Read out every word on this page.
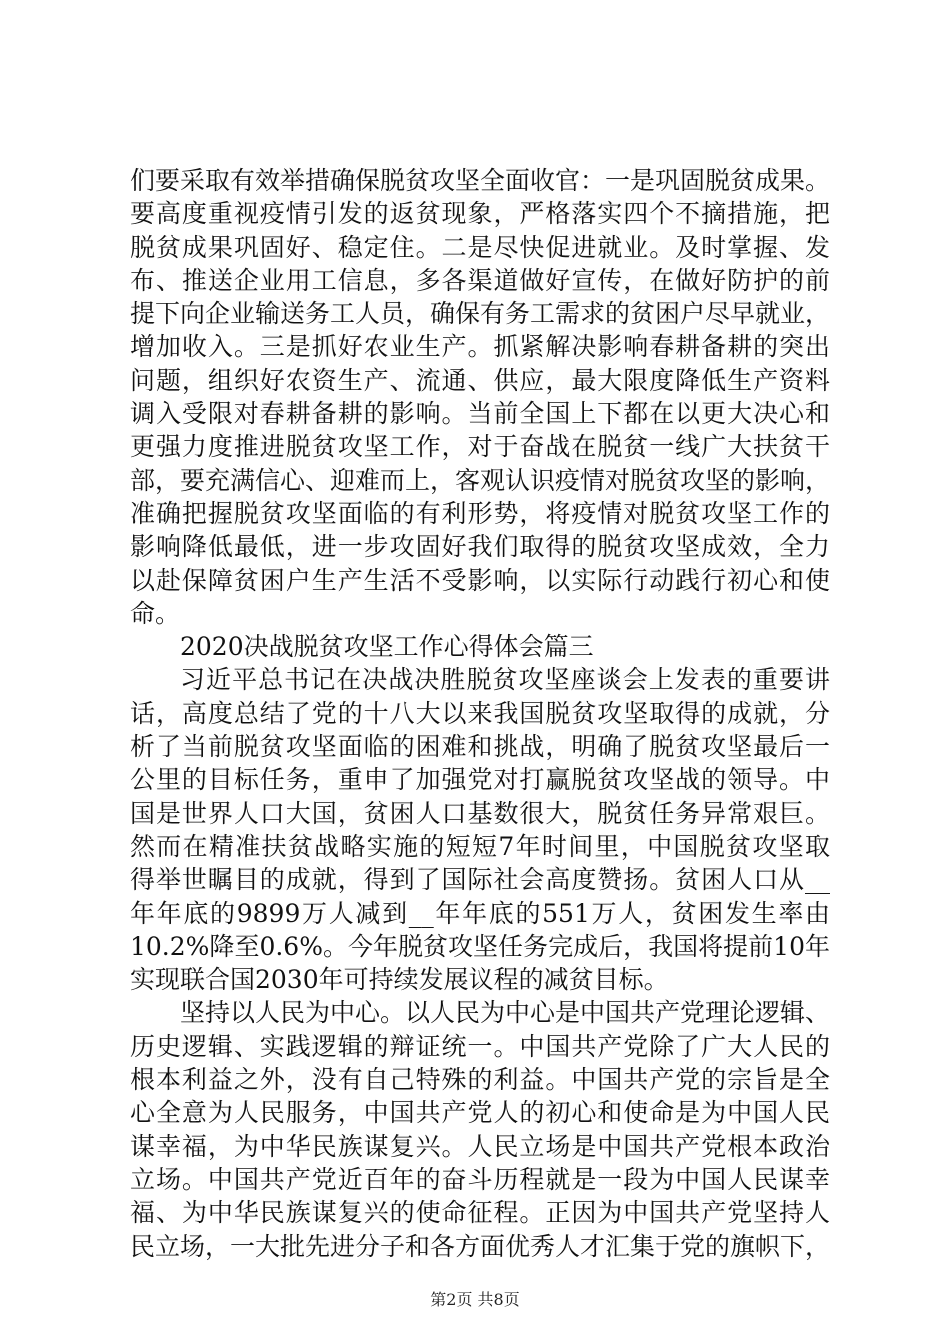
们要采取有效举措确保脱贫攻坚全面收官：一是巩固脱贫成果。
要高度重视疫情引发的返贫现象，严格落实四个不摘措施，把
脱贫成果巩固好、稳定住。二是尽快促进就业。及时掌握、发
布、推送企业用工信息，多各渠道做好宣传，在做好防护的前
提下向企业输送务工人员，确保有务工需求的贫困户尽早就业，
增加收入。三是抓好农业生产。抓紧解决影响春耕备耕的突出
问题，组织好农资生产、流通、供应，最大限度降低生产资料
调入受限对春耕备耕的影响。当前全国上下都在以更大决心和
更强力度推进脱贫攻坚工作，对于奋战在脱贫一线广大扶贫干
部，要充满信心、迎难而上，客观认识疫情对脱贫攻坚的影响，
准确把握脱贫攻坚面临的有利形势，将疫情对脱贫攻坚工作的
影响降低最低，进一步攻固好我们取得的脱贫攻坚成效，全力
以赴保障贫困户生产生活不受影响，以实际行动践行初心和使
命。
2020决战脱贫攻坚工作心得体会篇三
习近平总书记在决战决胜脱贫攻坚座谈会上发表的重要讲
话，高度总结了党的十八大以来我国脱贫攻坚取得的成就，分
析了当前脱贫攻坚面临的困难和挑战，明确了脱贫攻坚最后一
公里的目标任务，重申了加强党对打赢脱贫攻坚战的领导。中
国是世界人口大国，贫困人口基数很大，脱贫任务异常艰巨。
然而在精准扶贫战略实施的短短7年时间里，中国脱贫攻坚取
得举世瞩目的成就，得到了国际社会高度赞扬。贫困人口从__
年年底的9899万人减到__年年底的551万人，贫困发生率由
10.2%降至0.6%。今年脱贫攻坚任务完成后，我国将提前10年
实现联合国2030年可持续发展议程的减贫目标。
坚持以人民为中心。以人民为中心是中国共产党理论逻辑、
历史逻辑、实践逻辑的辩证统一。中国共产党除了广大人民的
根本利益之外，没有自己特殊的利益。中国共产党的宗旨是全
心全意为人民服务，中国共产党人的初心和使命是为中国人民
谋幸福，为中华民族谋复兴。人民立场是中国共产党根本政治
立场。中国共产党近百年的奋斗历程就是一段为中国人民谋幸
福、为中华民族谋复兴的使命征程。正因为中国共产党坚持人
民立场，一大批先进分子和各方面优秀人才汇集于党的旗帜下，
第2页 共8页
